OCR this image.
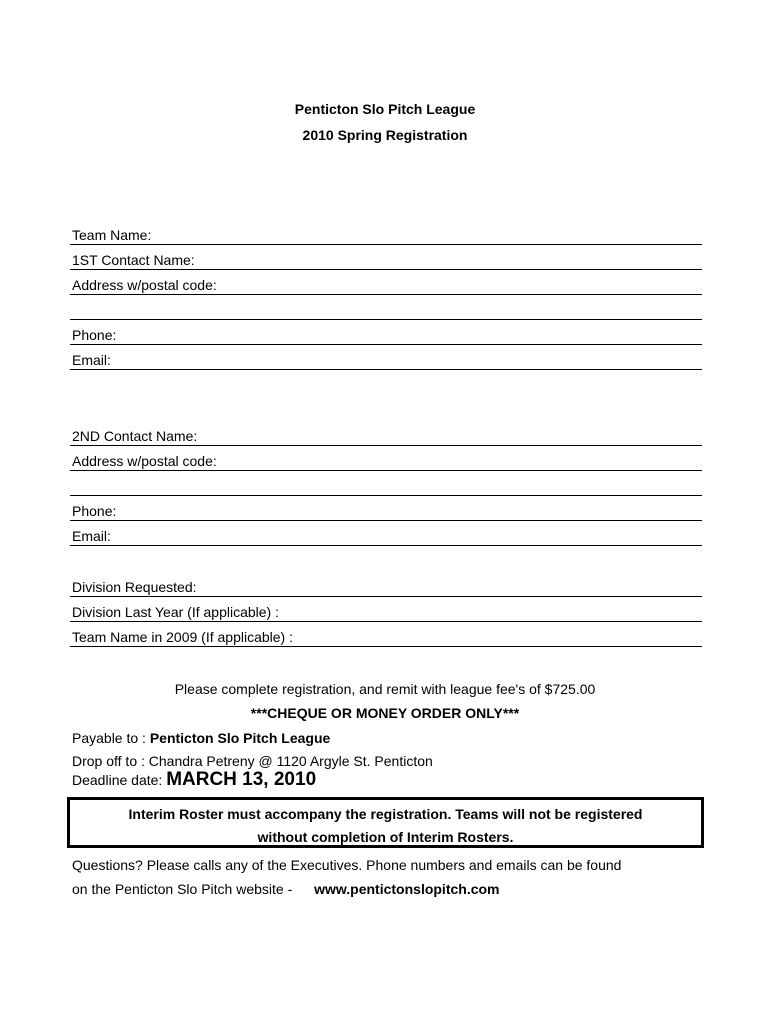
Penticton Slo Pitch League
2010 Spring Registration
Team Name:
1ST Contact Name:
Address w/postal code:
Phone:
Email:
2ND Contact Name:
Address w/postal code:
Phone:
Email:
Division Requested:
Division Last Year (If applicable) :
Team Name in 2009 (If applicable) :
Please complete registration, and remit with league fee's of $725.00
***CHEQUE OR MONEY ORDER ONLY***
Payable to : Penticton Slo Pitch League
Drop off to : Chandra Petreny @ 1120 Argyle St. Penticton
Deadline date: MARCH 13, 2010
Interim Roster must accompany the registration. Teams will not be registered
without completion of Interim Rosters.
Questions? Please calls any of the Executives. Phone numbers and emails can be found
on the Penticton Slo Pitch website - www.pentictonslopitch.com
